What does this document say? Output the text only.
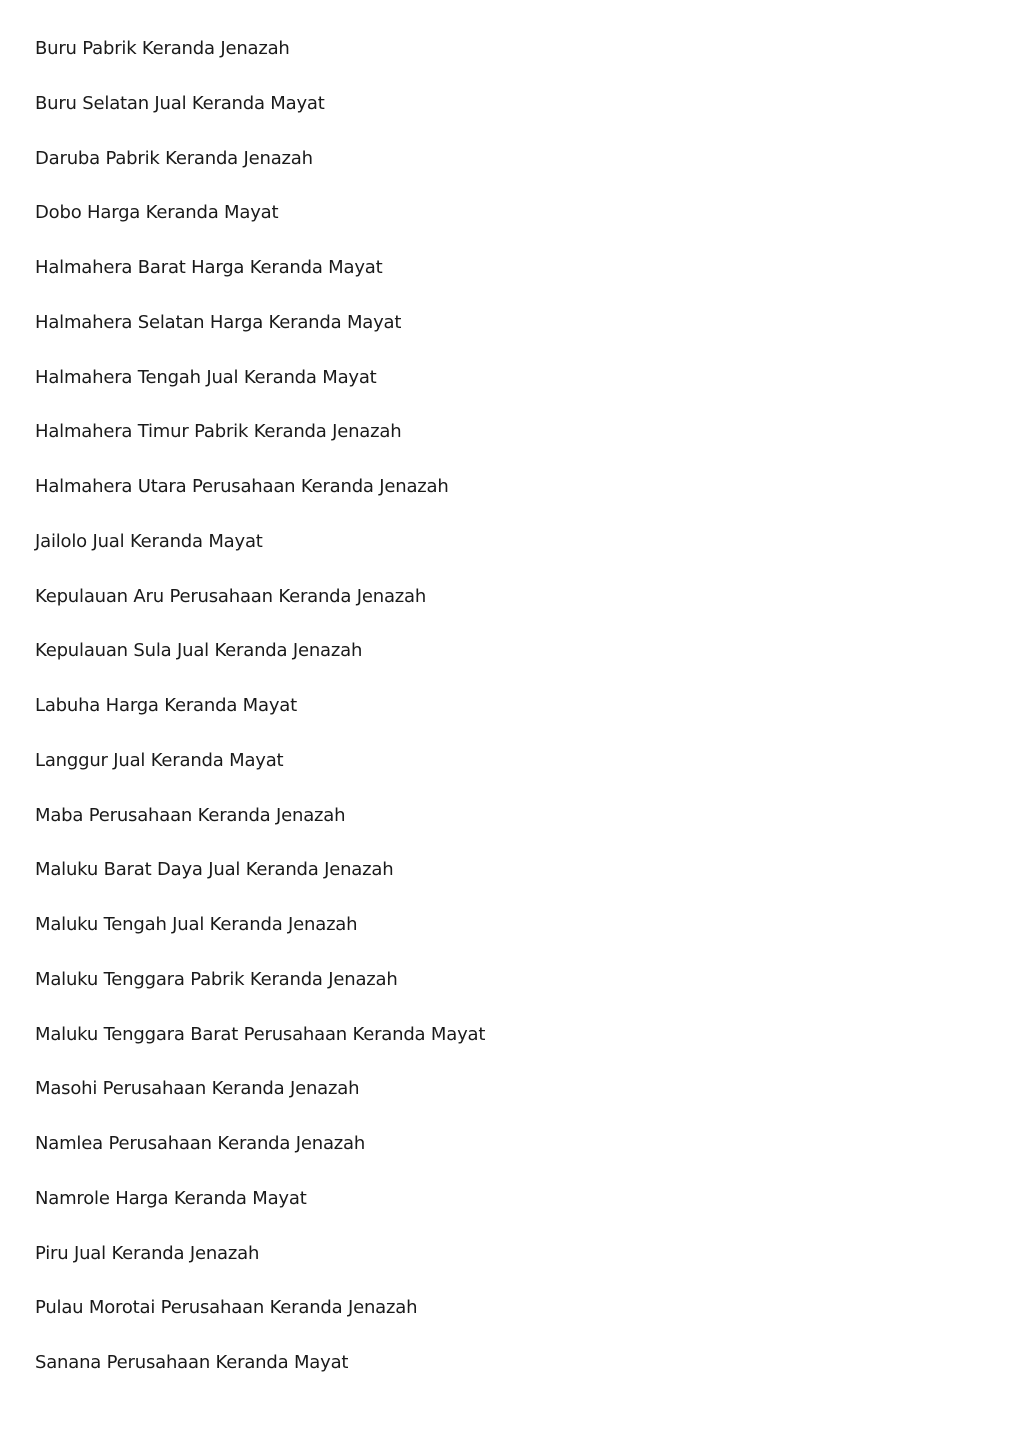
Buru Pabrik Keranda Jenazah
Buru Selatan Jual Keranda Mayat
Daruba Pabrik Keranda Jenazah
Dobo Harga Keranda Mayat
Halmahera Barat Harga Keranda Mayat
Halmahera Selatan Harga Keranda Mayat
Halmahera Tengah Jual Keranda Mayat
Halmahera Timur Pabrik Keranda Jenazah
Halmahera Utara Perusahaan Keranda Jenazah
Jailolo Jual Keranda Mayat
Kepulauan Aru Perusahaan Keranda Jenazah
Kepulauan Sula Jual Keranda Jenazah
Labuha Harga Keranda Mayat
Langgur Jual Keranda Mayat
Maba Perusahaan Keranda Jenazah
Maluku Barat Daya Jual Keranda Jenazah
Maluku Tengah Jual Keranda Jenazah
Maluku Tenggara Pabrik Keranda Jenazah
Maluku Tenggara Barat Perusahaan Keranda Mayat
Masohi Perusahaan Keranda Jenazah
Namlea Perusahaan Keranda Jenazah
Namrole Harga Keranda Mayat
Piru Jual Keranda Jenazah
Pulau Morotai Perusahaan Keranda Jenazah
Sanana Perusahaan Keranda Mayat
